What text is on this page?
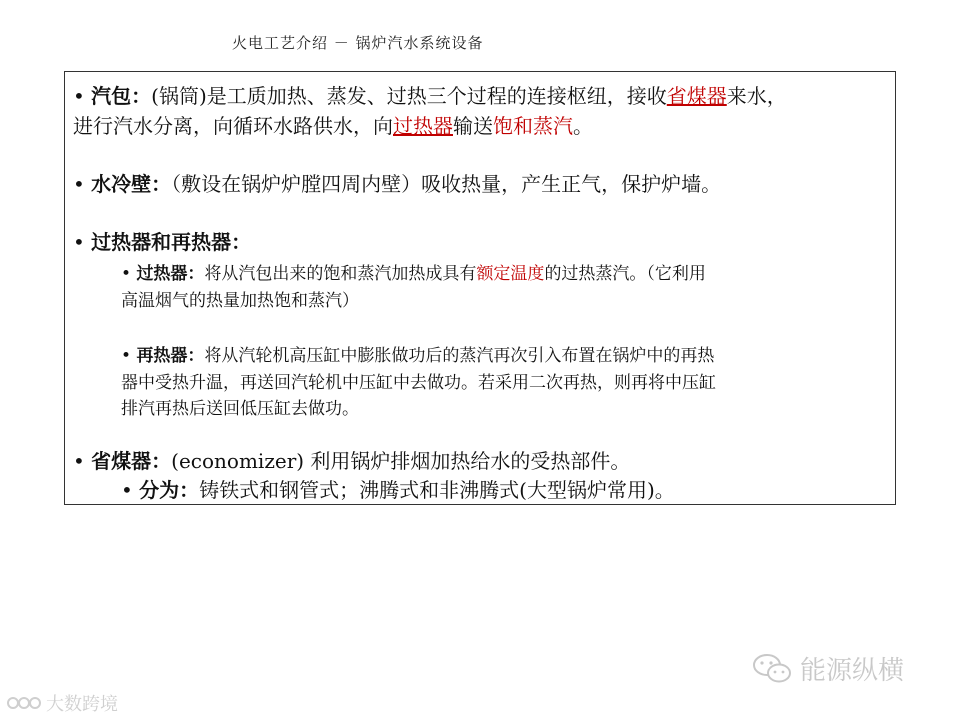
火电工艺介绍 － 锅炉汽水系统设备
• 汽包：(锅筒)是工质加热、蒸发、过热三个过程的连接枢纽，接收省煤器来水，
进行汽水分离，向循环水路供水，向过热器输送饱和蒸汽。
• 水冷壁：（敷设在锅炉炉膛四周内壁）吸收热量，产生正气，保护炉墙。
• 过热器和再热器：
• 过热器：将从汽包出来的饱和蒸汽加热成具有额定温度的过热蒸汽。（它利用
高温烟气的热量加热饱和蒸汽）
• 再热器：将从汽轮机高压缸中膨胀做功后的蒸汽再次引入布置在锅炉中的再热
器中受热升温，再送回汽轮机中压缸中去做功。若采用二次再热，则再将中压缸
排汽再热后送回低压缸去做功。
• 省煤器：(economizer) 利用锅炉排烟加热给水的受热部件。
• 分为：铸铁式和钢管式；沸腾式和非沸腾式(大型锅炉常用)。
大数跨境
能源纵横
